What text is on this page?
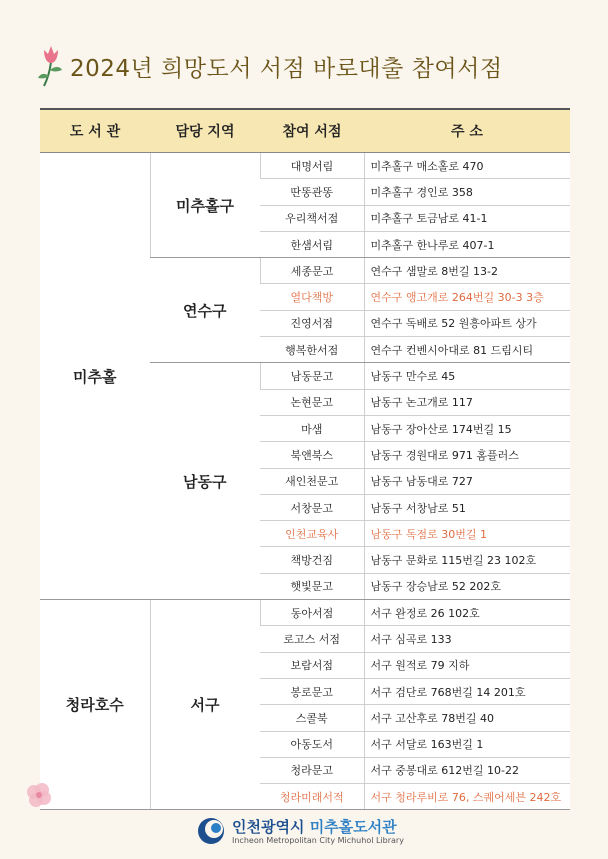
2024년 희망도서 서점 바로대출 참여서점
도 서 관	담당 지역	참여 서점	주 소
미추홀	미추홀구	대명서림	미추홀구 매소홀로 470
		딴똥관똥	미추홀구 경인로 358
		우리책서점	미추홀구 토금남로 41-1
		한샘서림	미추홀구 한나루로 407-1
	연수구	세종문고	연수구 샘말로 8번길 13-2
		열다책방	연수구 앵고개로 264번길 30-3 3층
		진영서점	연수구 독배로 52 원흥아파트 상가
		행복한서점	연수구 컨벤시아대로 81 드림시티
	남동구	남동문고	남동구 만수로 45
		논현문고	남동구 논고개로 117
		마샘	남동구 장아산로 174번길 15
		북앤북스	남동구 경원대로 971 홈플러스
		새인천문고	남동구 남동대로 727
		서창문고	남동구 서창남로 51
		인천교육사	남동구 독점로 30번길 1
		책방건짐	남동구 문화로 115번길 23 102호
		햇빛문고	남동구 장승남로 52 202호
청라호수	서구	동아서점	서구 완정로 26 102호
		로고스 서점	서구 심곡로 133
		보람서점	서구 원적로 79 지하
		봉로문고	서구 검단로 768번길 14 201호
		스콜북	서구 고산후로 78번길 40
		아동도서	서구 서달로 163번길 1
		청라문고	서구 중봉대로 612번길 10-22
		청라미래서적	서구 청라루비로 76, 스퀘어세븐 242호
인천광역시 미추홀도서관
Incheon Metropolitan City Michuhol Library
